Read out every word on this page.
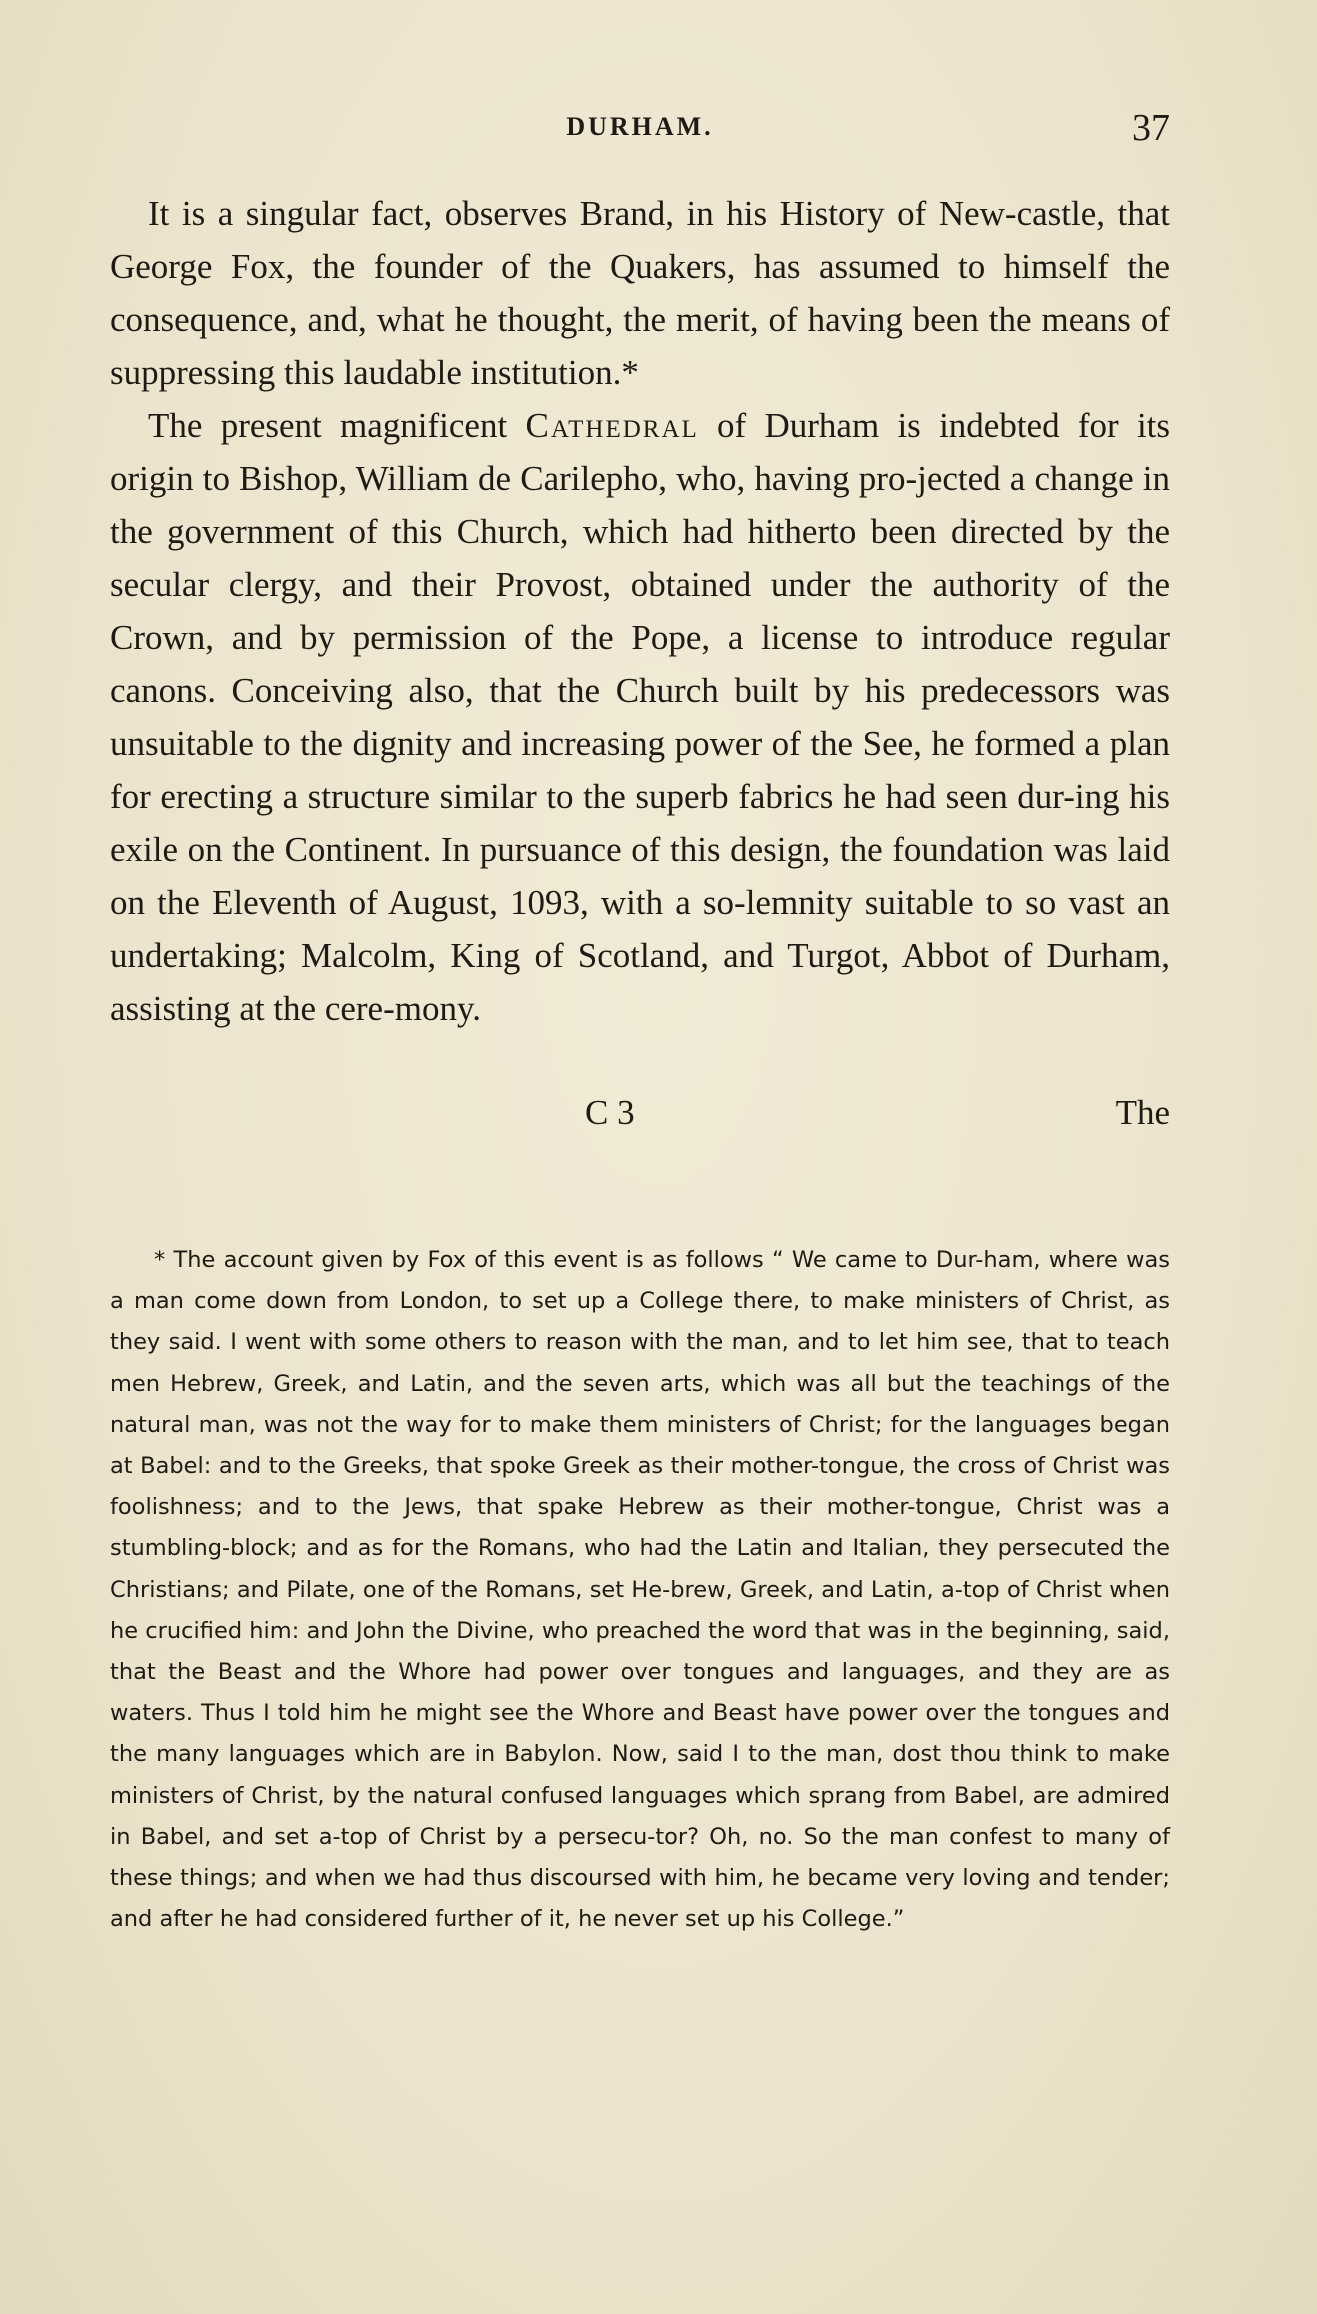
DURHAM.	37

It is a singular fact, observes Brand, in his History of New-castle, that George Fox, the founder of the Quakers, has assumed to himself the consequence, and, what he thought, the merit, of having been the means of suppressing this laudable institution.*

The present magnificent Cathedral of Durham is indebted for its origin to Bishop, William de Carilepho, who, having pro-jected a change in the government of this Church, which had hitherto been directed by the secular clergy, and their Provost, obtained under the authority of the Crown, and by permission of the Pope, a license to introduce regular canons. Conceiving also, that the Church built by his predecessors was unsuitable to the dignity and increasing power of the See, he formed a plan for erecting a structure similar to the superb fabrics he had seen dur-ing his exile on the Continent. In pursuance of this design, the foundation was laid on the Eleventh of August, 1093, with a so-lemnity suitable to so vast an undertaking; Malcolm, King of Scotland, and Turgot, Abbot of Durham, assisting at the cere-mony.

C 3	The

* The account given by Fox of this event is as follows “ We came to Dur-ham, where was a man come down from London, to set up a College there, to make ministers of Christ, as they said. I went with some others to reason with the man, and to let him see, that to teach men Hebrew, Greek, and Latin, and the seven arts, which was all but the teachings of the natural man, was not the way for to make them ministers of Christ; for the languages began at Babel: and to the Greeks, that spoke Greek as their mother-tongue, the cross of Christ was foolishness; and to the Jews, that spake Hebrew as their mother-tongue, Christ was a stumbling-block; and as for the Romans, who had the Latin and Italian, they persecuted the Christians; and Pilate, one of the Romans, set He-brew, Greek, and Latin, a-top of Christ when he crucified him: and John the Divine, who preached the word that was in the beginning, said, that the Beast and the Whore had power over tongues and languages, and they are as waters. Thus I told him he might see the Whore and Beast have power over the tongues and the many languages which are in Babylon. Now, said I to the man, dost thou think to make ministers of Christ, by the natural confused languages which sprang from Babel, are admired in Babel, and set a-top of Christ by a persecu-tor? Oh, no. So the man confest to many of these things; and when we had thus discoursed with him, he became very loving and tender; and after he had considered further of it, he never set up his College.”
